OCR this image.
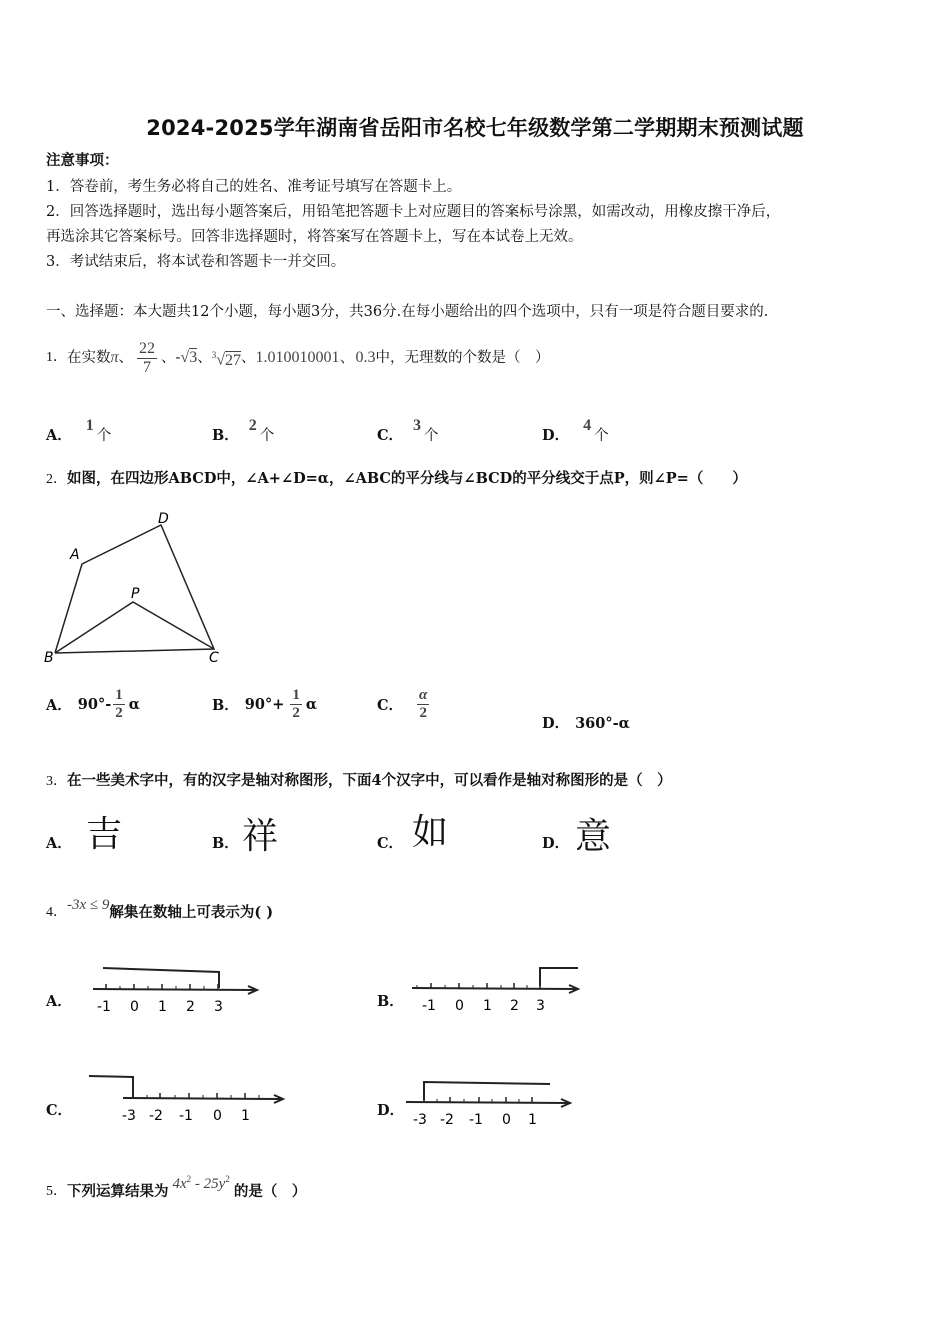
2024-2025学年湖南省岳阳市名校七年级数学第二学期期末预测试题
注意事项：
1．答卷前，考生务必将自己的姓名、准考证号填写在答题卡上。
2．回答选择题时，选出每小题答案后，用铅笔把答题卡上对应题目的答案标号涂黑，如需改动，用橡皮擦干净后，
再选涂其它答案标号。回答非选择题时，将答案写在答题卡上，写在本试卷上无效。
3．考试结束后，将本试卷和答题卡一并交回。
一、选择题：本大题共12个小题，每小题3分，共36分.在每小题给出的四个选项中，只有一项是符合题目要求的.
1． 在实数 π 、 $\frac{22}{7}$ 、- √3 、 $^3$√27 、 1.010010001、0.3 中，无理数的个数是（　）
A．1个	B．2个	C．3个	D．4个
2．如图，在四边形ABCD中，∠A+∠D=α，∠ABC的平分线与∠BCD的平分线交于点P，则∠P=（　　）
A
B	C
D
P
A． $90^\circ- \frac{1}{2}$ α	B． $90^\circ+ \frac{1}{2}$ α	C． $\frac{\alpha}{2}$
D． 360°-α
3．在一些美术字中，有的汉字是轴对称图形，下面4个汉字中，可以看作是轴对称图形的是（　）
A． 吉	B． 祥	C． 如	D． 意
4． -3x ≤ 9 解集在数轴上可表示为( )
A． -1 0 1 2 3	B． -1 0 1 2 3
C．	-3 -2 -1 0 1	D．
-3 -2 -1 0 1
5． 下列运算结果为 $4x^2 - 25y^2$
的是（　）
